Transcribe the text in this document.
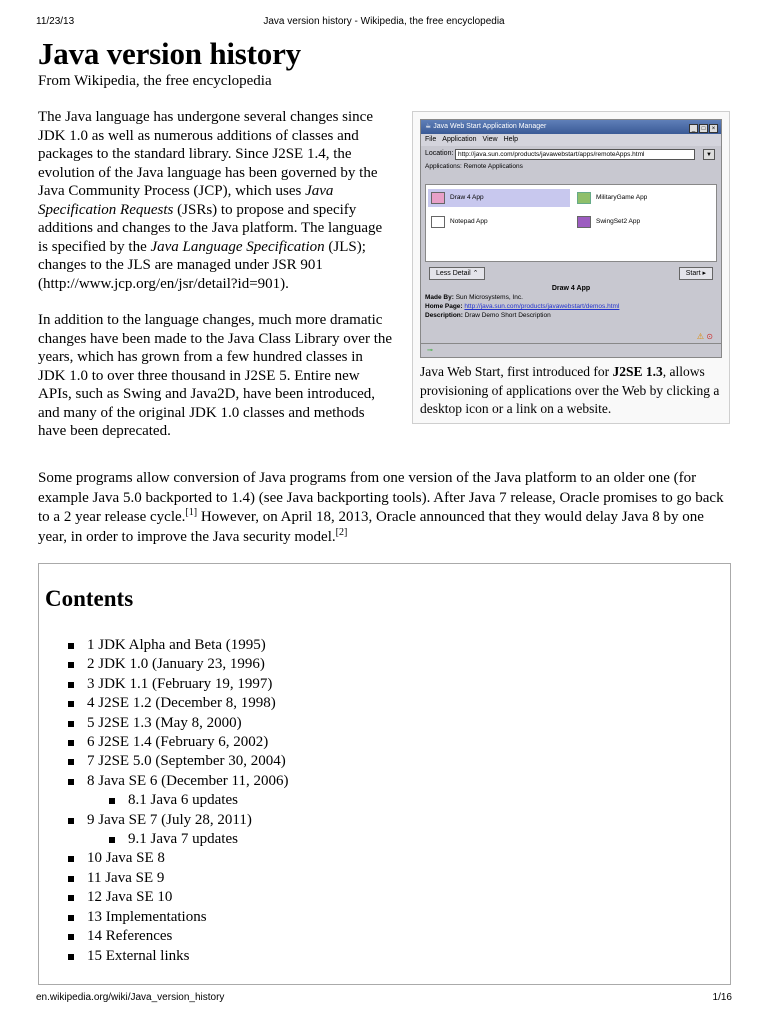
11/23/13	Java version history - Wikipedia, the free encyclopedia
Java version history
From Wikipedia, the free encyclopedia

The Java language has undergone several changes since JDK 1.0 as well as numerous additions of classes and packages to the standard library. Since J2SE 1.4, the evolution of the Java language has been governed by the Java Community Process (JCP), which uses Java Specification Requests (JSRs) to propose and specify additions and changes to the Java platform. The language is specified by the Java Language Specification (JLS); changes to the JLS are managed under JSR 901 (http://www.jcp.org/en/jsr/detail?id=901).

In addition to the language changes, much more dramatic changes have been made to the Java Class Library over the years, which has grown from a few hundred classes in JDK 1.0 to over three thousand in J2SE 5. Entire new APIs, such as Swing and Java2D, have been introduced, and many of the original JDK 1.0 classes and methods have been deprecated.

☕ Java Web Start Application Manager	_ □ ×
File Application View Help
Location: http://java.sun.com/products/javawebstart/apps/remoteApps.html	▼
Applications: Remote Applications
Draw 4 App	MilitaryGame App
Notepad App	SwingSet2 App
Less Detail ⌃	Start ▸
Draw 4 App
Made By: Sun Microsystems, Inc.
Home Page: http://java.sun.com/products/javawebstart/demos.html
Description: Draw Demo Short Description
⚠ ⊙
⊸
Java Web Start, first introduced for J2SE 1.3, allows provisioning of applications over the Web by clicking a desktop icon or a link on a website.

Some programs allow conversion of Java programs from one version of the Java platform to an older one (for example Java 5.0 backported to 1.4) (see Java backporting tools). After Java 7 release, Oracle promises to go back to a 2 year release cycle.[1] However, on April 18, 2013, Oracle announced that they would delay Java 8 by one year, in order to improve the Java security model.[2]

Contents
1 JDK Alpha and Beta (1995)
2 JDK 1.0 (January 23, 1996)
3 JDK 1.1 (February 19, 1997)
4 J2SE 1.2 (December 8, 1998)
5 J2SE 1.3 (May 8, 2000)
6 J2SE 1.4 (February 6, 2002)
7 J2SE 5.0 (September 30, 2004)
8 Java SE 6 (December 11, 2006)
8.1 Java 6 updates
9 Java SE 7 (July 28, 2011)
9.1 Java 7 updates
10 Java SE 8
11 Java SE 9
12 Java SE 10
13 Implementations
14 References
15 External links
en.wikipedia.org/wiki/Java_version_history	1/16
